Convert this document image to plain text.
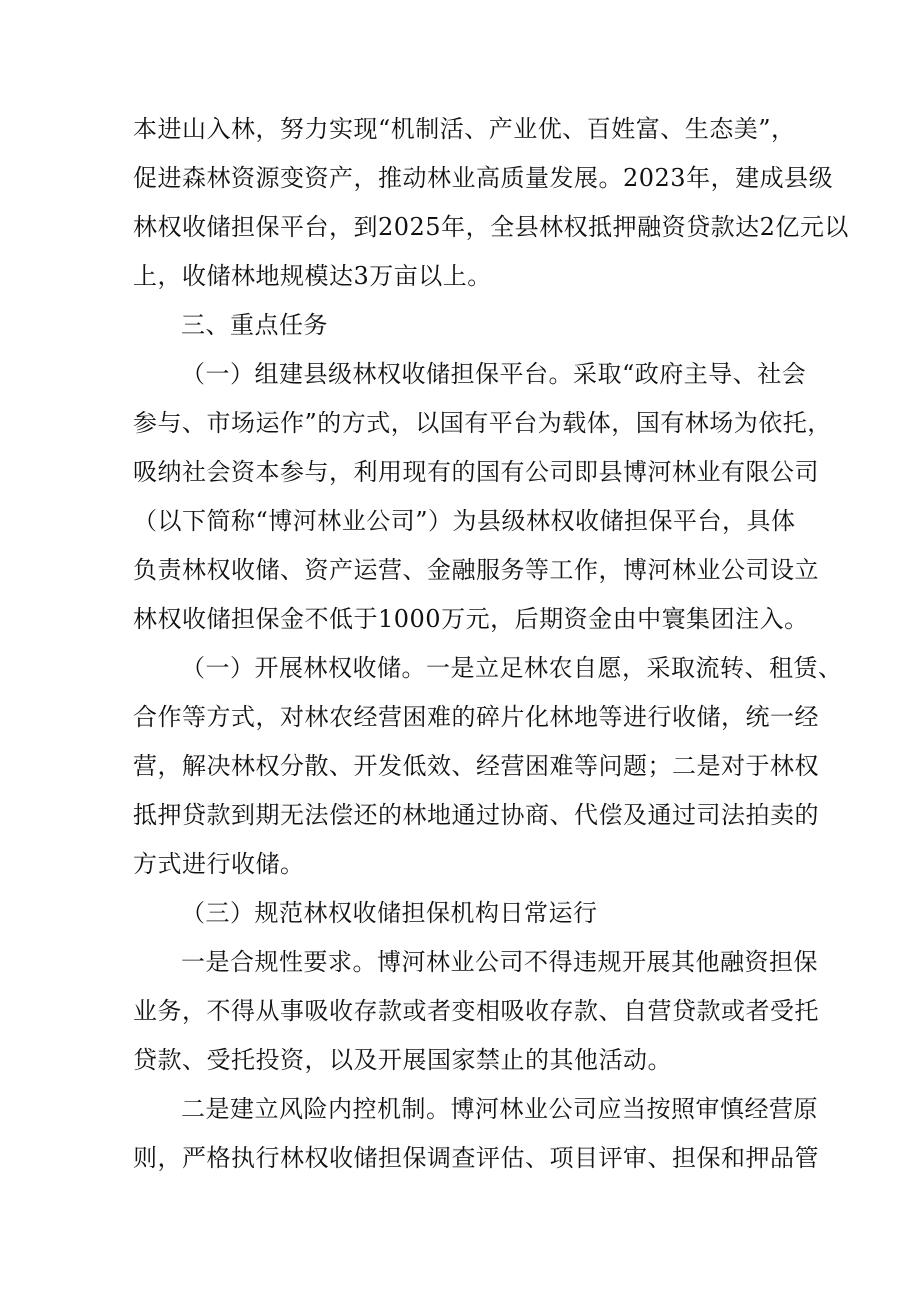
本进山入林，努力实现“机制活、产业优、百姓富、生态美”，
促进森林资源变资产，推动林业高质量发展。2023年，建成县级
林权收储担保平台，到2025年，全县林权抵押融资贷款达2亿元以
上，收储林地规模达3万亩以上。
三、重点任务
（一）组建县级林权收储担保平台。采取“政府主导、社会
参与、市场运作”的方式，以国有平台为载体，国有林场为依托，
吸纳社会资本参与，利用现有的国有公司即县博河林业有限公司
（以下简称“博河林业公司”）为县级林权收储担保平台，具体
负责林权收储、资产运营、金融服务等工作，博河林业公司设立
林权收储担保金不低于1000万元，后期资金由中寰集团注入。
（一）开展林权收储。一是立足林农自愿，采取流转、租赁、
合作等方式，对林农经营困难的碎片化林地等进行收储，统一经
营，解决林权分散、开发低效、经营困难等问题；二是对于林权
抵押贷款到期无法偿还的林地通过协商、代偿及通过司法拍卖的
方式进行收储。
（三）规范林权收储担保机构日常运行
一是合规性要求。博河林业公司不得违规开展其他融资担保
业务，不得从事吸收存款或者变相吸收存款、自营贷款或者受托
贷款、受托投资，以及开展国家禁止的其他活动。
二是建立风险内控机制。博河林业公司应当按照审慎经营原
则，严格执行林权收储担保调查评估、项目评审、担保和押品管
